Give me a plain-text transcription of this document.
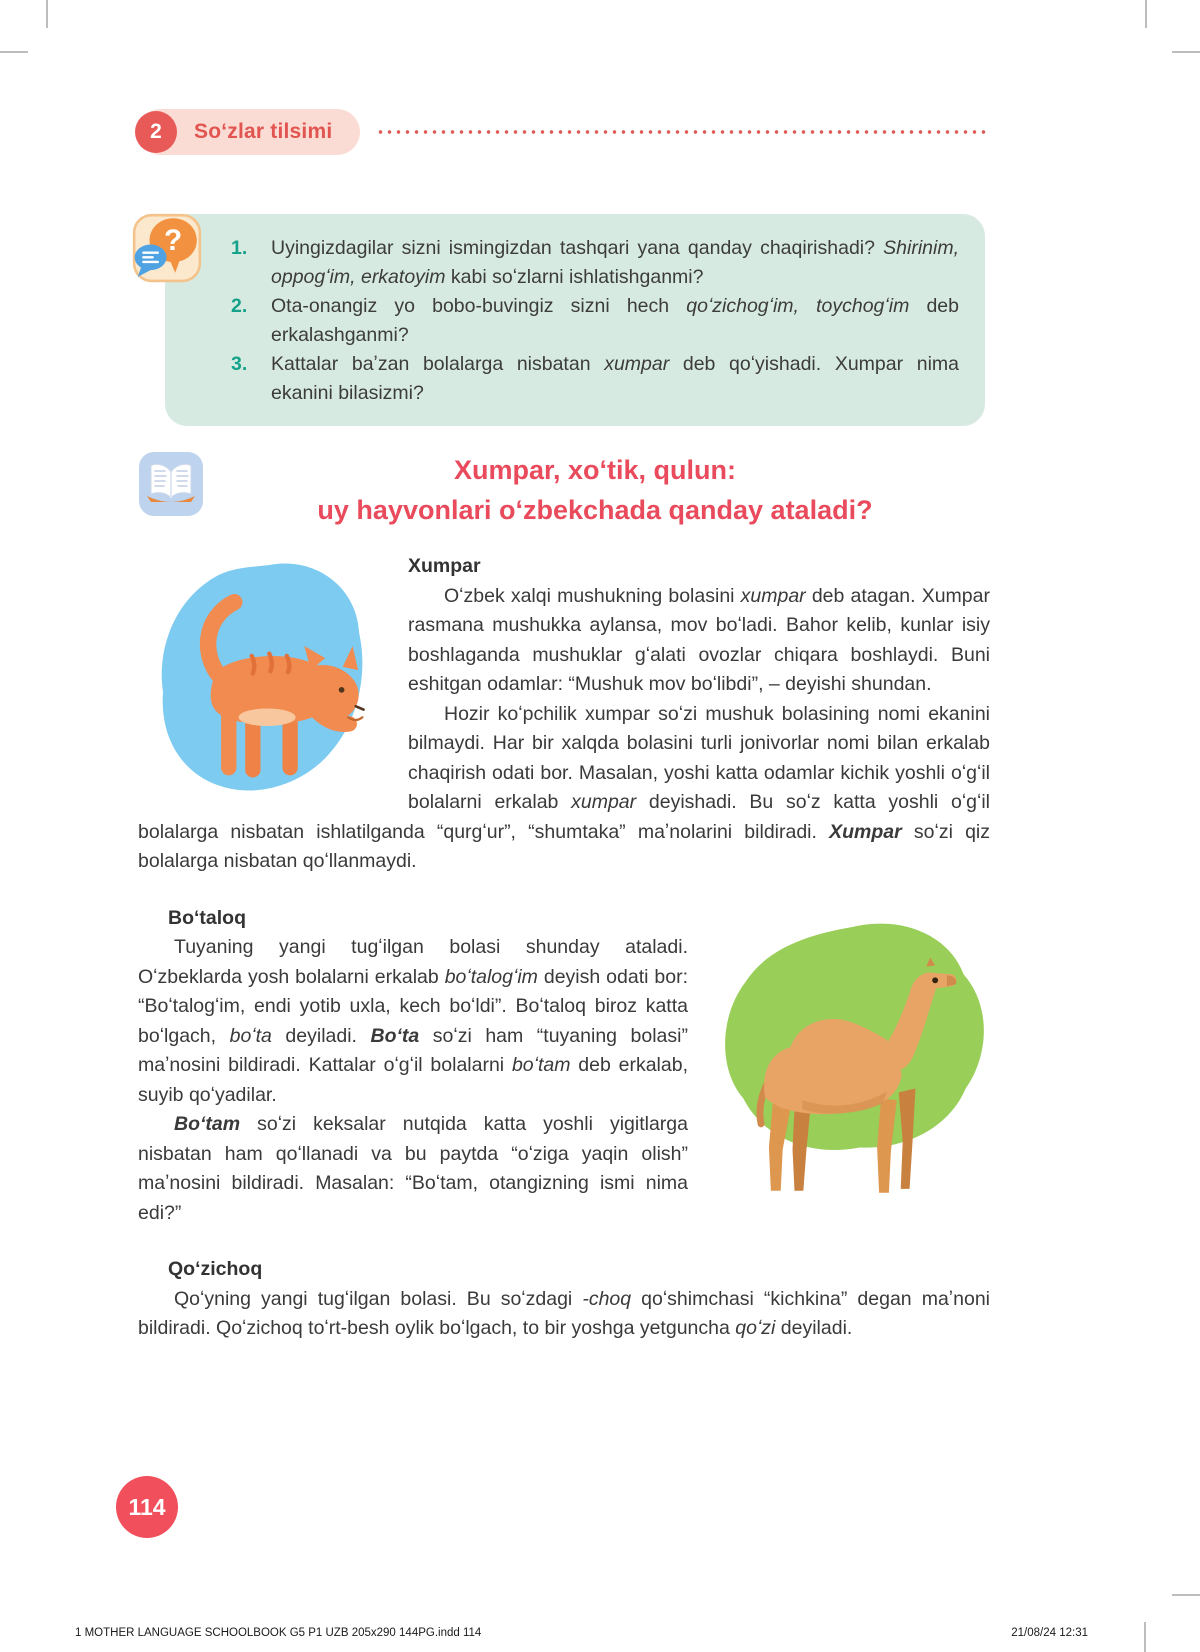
2 Soʻzlar tilsimi
? 1.	Uyingizdagilar sizni ismingizdan tashqari yana qanday chaqirishadi? Shirinim, oppogʻim, erkatoyim kabi soʻzlarni ishlatishganmi?
2.	Ota-onangiz yo bobo-buvingiz sizni hech qoʻzichogʻim, toychogʻim deb erkalashganmi?
3.	Kattalar baʼzan bolalarga nisbatan xumpar deb qoʻyishadi. Xumpar nima ekanini bilasizmi?
Xumpar, xoʻtik, qulun:
uy hayvonlari oʻzbekchada qanday ataladi?
Xumpar

Oʻzbek xalqi mushukning bolasini xumpar deb atagan. Xumpar rasmana mushukka aylansa, mov boʻladi. Bahor kelib, kunlar isiy boshlaganda mushuklar gʻalati ovozlar chiqara boshlaydi. Buni eshitgan odamlar: “Mushuk mov boʻlibdi”, – deyishi shundan.

Hozir koʻpchilik xumpar soʻzi mushuk bolasining nomi ekanini bilmaydi. Har bir xalqda bolasini turli jonivorlar nomi bilan erkalab chaqirish odati bor. Masalan, yoshi katta odamlar kichik yoshli oʻgʻil bolalarni erkalab xumpar deyishadi. Bu soʻz katta yoshli oʻgʻil bolalarga nisbatan ishlatilganda “qurgʻur”, “shumtaka” maʼnolarini bildiradi. Xumpar soʻzi qiz bolalarga nisbatan qoʻllanmaydi.

Boʻtaloq

Tuyaning yangi tugʻilgan bolasi shunday ataladi. Oʻzbeklarda yosh bolalarni erkalab boʻtalogʻim deyish odati bor: “Boʻtalogʻim, endi yotib uxla, kech boʻldi”. Boʻtaloq biroz katta boʻlgach, boʻta deyiladi. Boʻta soʻzi ham “tuyaning bolasi” maʼnosini bildiradi. Kattalar oʻgʻil bolalarni boʻtam deb erkalab, suyib qoʻyadilar.

Boʻtam soʻzi keksalar nutqida katta yoshli yigitlarga nisbatan ham qoʻllanadi va bu paytda “oʻziga yaqin olish” maʼnosini bildiradi. Masalan: “Boʻtam, otangizning ismi nima edi?”

Qoʻzichoq

Qoʻyning yangi tugʻilgan bolasi. Bu soʻzdagi -choq qoʻshimchasi “kichkina” degan maʼnoni bildiradi. Qoʻzichoq toʻrt-besh oylik boʻlgach, to bir yoshga yetguncha qoʻzi deyiladi.

114
1 MOTHER LANGUAGE SCHOOLBOOK G5 P1 UZB 205x290 144PG.indd 114	21/08/24 12:31
